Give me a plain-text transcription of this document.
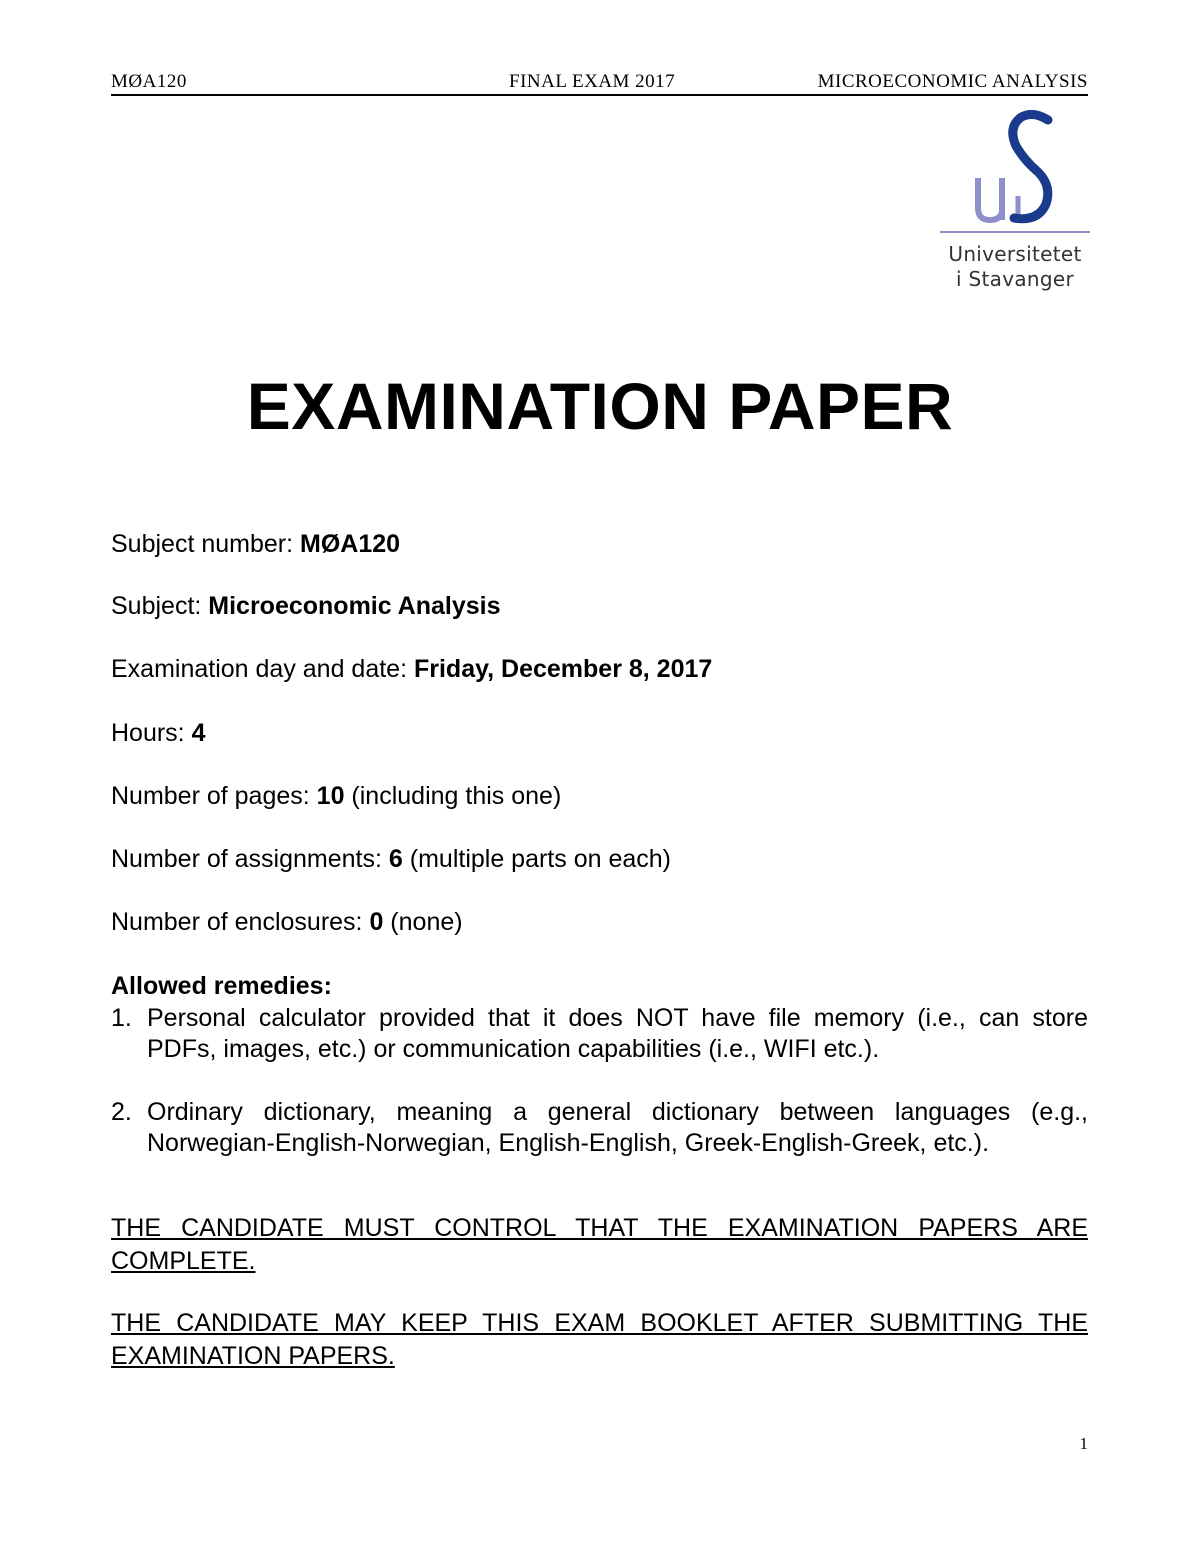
MØA120	FINAL EXAM 2017	MICROECONOMIC ANALYSIS
Universitetet
i Stavanger
EXAMINATION PAPER
Subject number: MØA120
Subject: Microeconomic Analysis
Examination day and date: Friday, December 8, 2017
Hours: 4
Number of pages: 10 (including this one)
Number of assignments: 6 (multiple parts on each)
Number of enclosures: 0 (none)
Allowed remedies:
1. Personal calculator provided that it does NOT have file memory (i.e., can store PDFs, images, etc.) or communication capabilities (i.e., WIFI etc.).
2. Ordinary dictionary, meaning a general dictionary between languages (e.g., Norwegian-English-Norwegian, English-English, Greek-English-Greek, etc.).
THE CANDIDATE MUST CONTROL THAT THE EXAMINATION PAPERS ARE COMPLETE.
THE CANDIDATE MAY KEEP THIS EXAM BOOKLET AFTER SUBMITTING THE EXAMINATION PAPERS.
1
